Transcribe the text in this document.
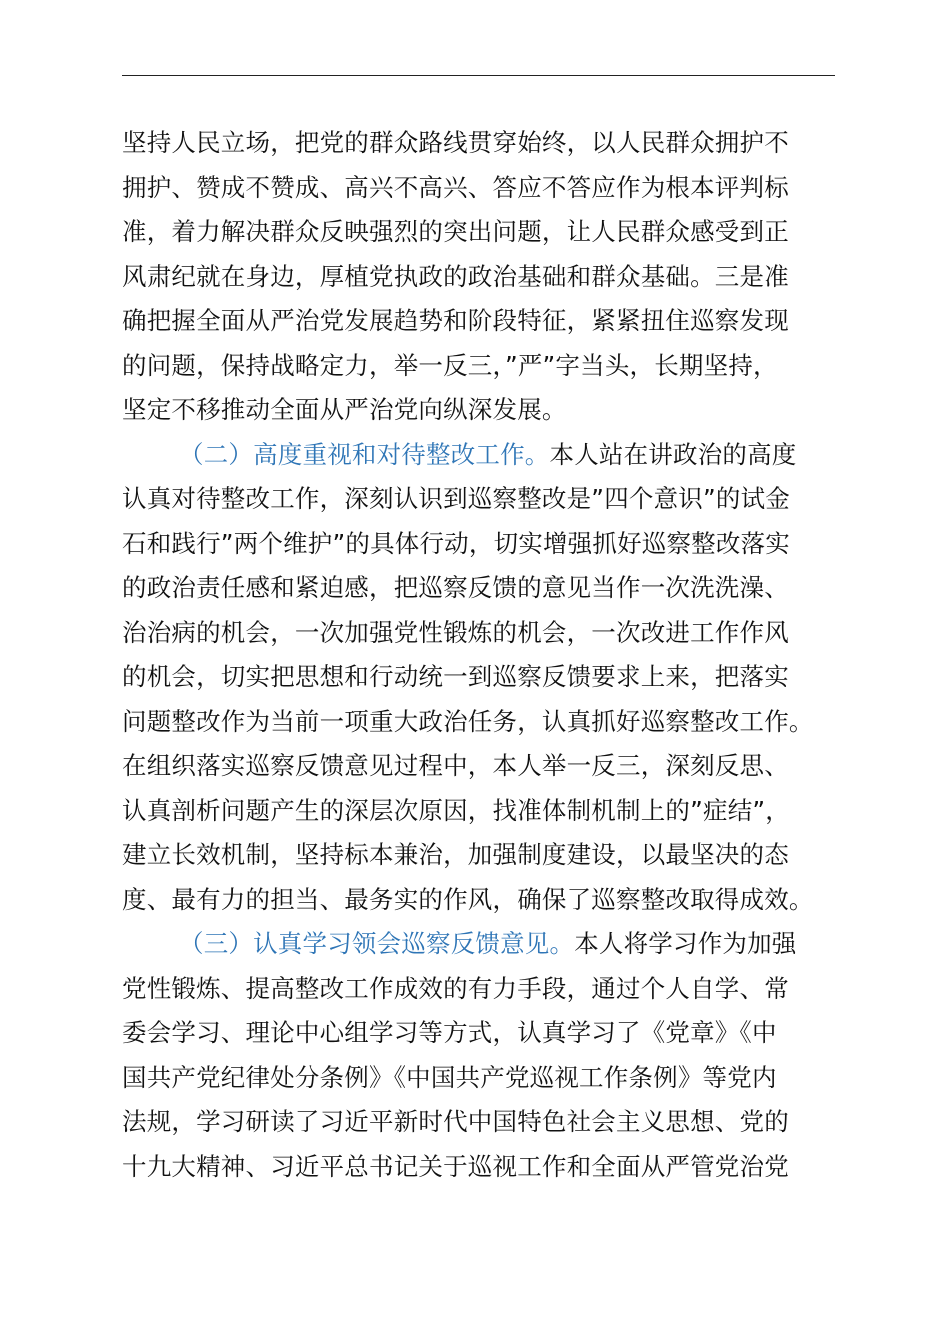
坚持人民立场，把党的群众路线贯穿始终，以人民群众拥护不
拥护、赞成不赞成、高兴不高兴、答应不答应作为根本评判标
准，着力解决群众反映强烈的突出问题，让人民群众感受到正
风肃纪就在身边，厚植党执政的政治基础和群众基础。三是准
确把握全面从严治党发展趋势和阶段特征，紧紧扭住巡察发现
的问题，保持战略定力，举一反三，”严”字当头，长期坚持，
坚定不移推动全面从严治党向纵深发展。
（二）高度重视和对待整改工作。本人站在讲政治的高度
认真对待整改工作，深刻认识到巡察整改是”四个意识”的试金
石和践行”两个维护”的具体行动，切实增强抓好巡察整改落实
的政治责任感和紧迫感，把巡察反馈的意见当作一次洗洗澡、
治治病的机会，一次加强党性锻炼的机会，一次改进工作作风
的机会，切实把思想和行动统一到巡察反馈要求上来，把落实
问题整改作为当前一项重大政治任务，认真抓好巡察整改工作。
在组织落实巡察反馈意见过程中，本人举一反三，深刻反思、
认真剖析问题产生的深层次原因，找准体制机制上的”症结”，
建立长效机制，坚持标本兼治，加强制度建设，以最坚决的态
度、最有力的担当、最务实的作风，确保了巡察整改取得成效。
（三）认真学习领会巡察反馈意见。本人将学习作为加强
党性锻炼、提高整改工作成效的有力手段，通过个人自学、常
委会学习、理论中心组学习等方式，认真学习了《党章》《中
国共产党纪律处分条例》《中国共产党巡视工作条例》等党内
法规，学习研读了习近平新时代中国特色社会主义思想、党的
十九大精神、习近平总书记关于巡视工作和全面从严管党治党
